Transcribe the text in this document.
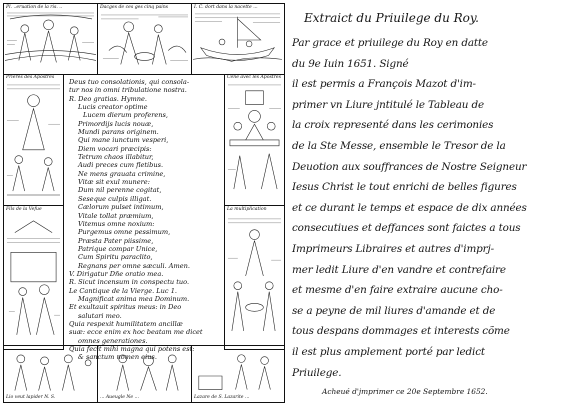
Pl. ..eruation de la ris. ..	Dacges de ces ges cinq pains	I. C. dort dans la nacette ...
Prieres des Apostres	Cene avec les Apostres
Fils de la Vefue	La multiplication
Deus tuo consolationis, qui consola-
tur nos in omni tribulatione nostra.
R. Deo gratias. Hymne.
Lucis creator optime
Lucem dierum proferens,
Primordijs lucis nouæ,
Mundi parans originem.
Qui mane iunctum vesperi,
Diem vocari præcipis:
Tetrum chaos illabitur,
Audi preces cum fletibus.
Ne mens grauata crimine,
Vitæ sit exul munere:
Dum nil perenne cogitat,
Seseque culpis illigat.
Cælorum pulset intimum,
Vitale tollat præmium,
Vitemus omne noxium:
Purgemus omne pessimum,
Præsta Pater piissime,
Patrique compar Unice,
Cum Spiritu paraclito,
Regnans per omne sæculi. Amen.
V. Dirigatur Dñe oratio mea.
R. Sicut incensum in conspectu tuo.
Le Cantique de la Vierge. Luc 1.
Magnificat anima mea Dominum.
Et exultauit spiritus meus: in Deo
salutari meo.
Quia respexit humilitatem ancillæ
suæ: ecce enim ex hoc beatam me dicet
omnes generationes.
Quia fecit mihi magna qui potens est:
& sanctum nomen eius.
Lio veut lapider N. S.	... Aueugle Ne ...	Lazare de S. Lazarite ...
Extraict du Priuilege du Roy.
Par grace et priuilege du Roy en datte
du 9e Iuin 1651. Signé
il est permis a François Mazot d'im-
primer vn Liure jntitulé le Tableau de
la croix representé dans les cerimonies
de la Ste Messe, ensemble le Tresor de la
Deuotion aux souffrances de Nostre Seigneur
Iesus Christ le tout enrichi de belles figures
et ce durant le temps et espace de dix années
consecutiues et deffances sont faictes a tous
Imprimeurs Libraires et autres d'imprj-
mer ledit Liure d'en vandre et contrefaire
et mesme d'en faire extraire aucune cho-
se a peyne de mil liures d'amande et de
tous despans dommages et interests cõme
il est plus amplement porté par ledict
Priuilege.
Acheué d'jmprimer ce 20e Septembre 1652.
